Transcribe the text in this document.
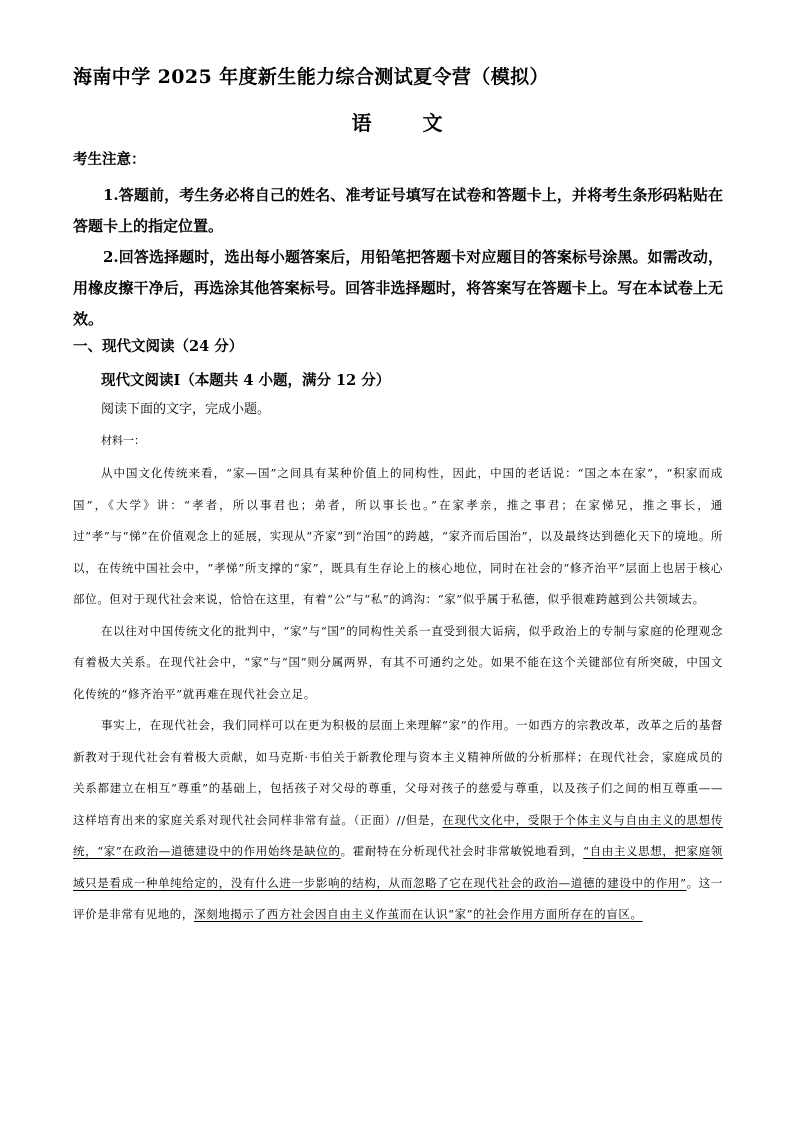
海南中学 2025 年度新生能力综合测试夏令营（模拟）
语 文
考生注意：

1.答题前，考生务必将自己的姓名、准考证号填写在试卷和答题卡上，并将考生条形码粘贴在答题卡上的指定位置。

2.回答选择题时，选出每小题答案后，用铅笔把答题卡对应题目的答案标号涂黑。如需改动，用橡皮擦干净后，再选涂其他答案标号。回答非选择题时，将答案写在答题卡上。写在本试卷上无效。

一、现代文阅读（24 分）
现代文阅读Ⅰ（本题共 4 小题，满分 12 分）
阅读下面的文字，完成小题。
材料一：

从中国文化传统来看，“家—国”之间具有某种价值上的同构性，因此，中国的老话说：“国之本在家”，“积家而成国”，《大学》讲：“孝者，所以事君也；弟者，所以事长也。”在家孝亲，推之事君；在家悌兄，推之事长，通过“孝”与“悌”在价值观念上的延展，实现从“齐家”到“治国”的跨越，“家齐而后国治”，以及最终达到德化天下的境地。所以，在传统中国社会中，“孝悌”所支撑的“家”，既具有生存论上的核心地位，同时在社会的“修齐治平”层面上也居于核心部位。但对于现代社会来说，恰恰在这里，有着“公”与“私”的鸿沟：“家”似乎属于私德，似乎很难跨越到公共领域去。

在以往对中国传统文化的批判中，“家”与“国”的同构性关系一直受到很大诟病，似乎政治上的专制与家庭的伦理观念有着极大关系。在现代社会中，“家”与“国”则分属两界，有其不可通约之处。如果不能在这个关键部位有所突破，中国文化传统的“修齐治平”就再难在现代社会立足。

事实上，在现代社会，我们同样可以在更为积极的层面上来理解“家”的作用。一如西方的宗教改革，改革之后的基督新教对于现代社会有着极大贡献，如马克斯·韦伯关于新教伦理与资本主义精神所做的分析那样；在现代社会，家庭成员的关系都建立在相互“尊重”的基础上，包括孩子对父母的尊重，父母对孩子的慈爱与尊重，以及孩子们之间的相互尊重——这样培育出来的家庭关系对现代社会同样非常有益。（正面）//但是，在现代文化中，受限于个体主义与自由主义的思想传统，“家”在政治—道德建设中的作用始终是缺位的。霍耐特在分析现代社会时非常敏锐地看到，“自由主义思想，把家庭领域只是看成一种单纯给定的，没有什么进一步影响的结构，从而忽略了它在现代社会的政治—道德的建设中的作用”。这一评价是非常有见地的，深刻地揭示了西方社会因自由主义作茧而在认识“家”的社会作用方面所存在的盲区。
